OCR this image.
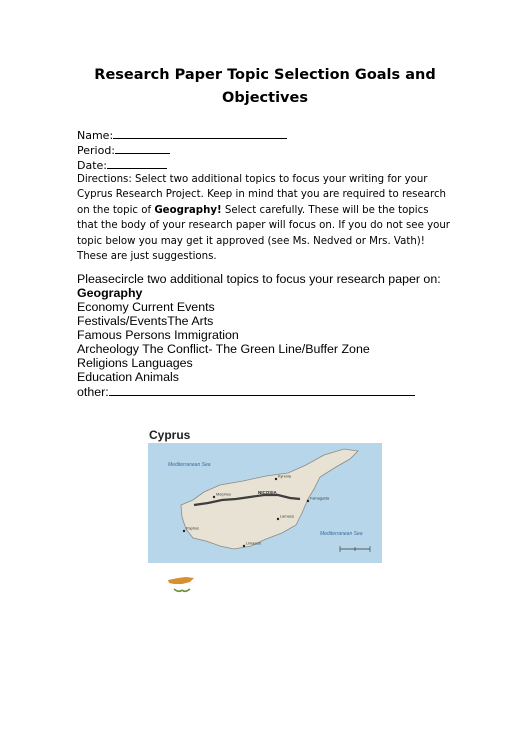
Research Paper Topic Selection Goals and Objectives
Name:
Period:
Date:
Directions: Select two additional topics to focus your writing for your Cyprus Research Project. Keep in mind that you are required to research on the topic of Geography! Select carefully. These will be the topics that the body of your research paper will focus on. If you do not see your topic below you may get it approved (see Ms. Nedved or Mrs. Vath)! These are just suggestions.
Pleasecircle two additional topics to focus your research paper on:
Geography
Economy Current Events
Festivals/EventsThe Arts
Famous Persons Immigration
Archeology The Conflict- The Green Line/Buffer Zone
Religions Languages
Education Animals
other:
Cyprus
Mediterranean Sea
Mediterranean Sea
NICOSIA
Kyrenia
Morphou
Famagusta
Larnaca
Limassol
Paphos
